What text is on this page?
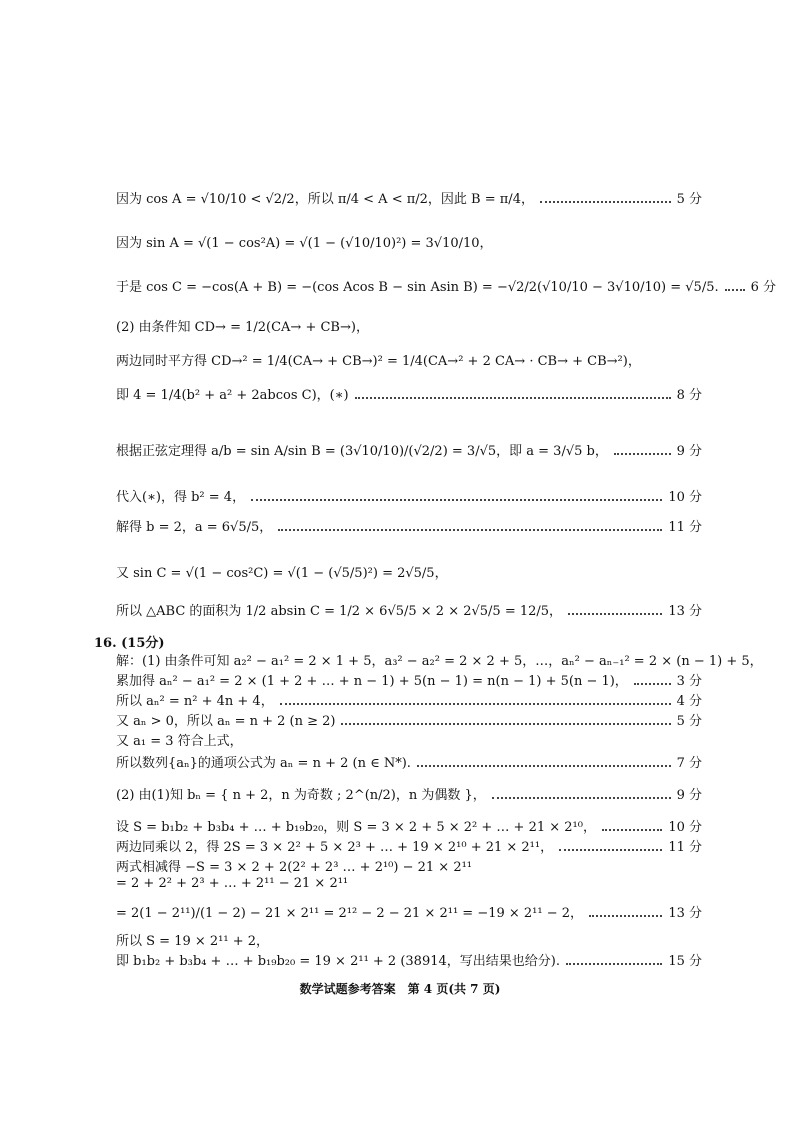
因为 cos A = √10/10 < √2/2，所以 π/4 < A < π/2，因此 B = π/4，	5 分
因为 sin A = √(1 − cos²A) = √(1 − (√10/10)²) = 3√10/10，
于是 cos C = −cos(A + B) = −(cos Acos B − sin Asin B) = −√2/2(√10/10 − 3√10/10) = √5/5. 6 分
(2) 由条件知 CD→ = 1/2(CA→ + CB→)，
两边同时平方得 CD→² = 1/4(CA→ + CB→)² = 1/4(CA→² + 2 CA→ · CB→ + CB→²)，
即 4 = 1/4(b² + a² + 2abcos C)，(∗)	8 分
根据正弦定理得 a/b = sin A/sin B = (3√10/10)/(√2/2) = 3/√5，即 a = 3/√5 b，	9 分
代入(∗)，得 b² = 4，	10 分
解得 b = 2，a = 6√5/5，	11 分
又 sin C = √(1 − cos²C) = √(1 − (√5/5)²) = 2√5/5，
所以 △ABC 的面积为 1/2 absin C = 1/2 × 6√5/5 × 2 × 2√5/5 = 12/5，	13 分
16. (15分)
解：(1) 由条件可知 a₂² − a₁² = 2 × 1 + 5，a₃² − a₂² = 2 × 2 + 5，…，aₙ² − aₙ₋₁² = 2 × (n − 1) + 5，
累加得 aₙ² − a₁² = 2 × (1 + 2 + … + n − 1) + 5(n − 1) = n(n − 1) + 5(n − 1)，	3 分
所以 aₙ² = n² + 4n + 4，	4 分
又 aₙ > 0，所以 aₙ = n + 2 (n ≥ 2)	5 分
又 a₁ = 3 符合上式，
所以数列{aₙ}的通项公式为 aₙ = n + 2 (n ∈ N*).	7 分
(2) 由(1)知 bₙ = { n + 2，n 为奇数 ; 2^(n/2)，n 为偶数 }，	9 分
设 S = b₁b₂ + b₃b₄ + … + b₁₉b₂₀，则 S = 3 × 2 + 5 × 2² + … + 21 × 2¹⁰，	10 分
两边同乘以 2，得 2S = 3 × 2² + 5 × 2³ + … + 19 × 2¹⁰ + 21 × 2¹¹，	11 分
两式相减得 −S = 3 × 2 + 2(2² + 2³ … + 2¹⁰) − 21 × 2¹¹
= 2 + 2² + 2³ + … + 2¹¹ − 21 × 2¹¹
= 2(1 − 2¹¹)/(1 − 2) − 21 × 2¹¹ = 2¹² − 2 − 21 × 2¹¹ = −19 × 2¹¹ − 2，	13 分
所以 S = 19 × 2¹¹ + 2，
即 b₁b₂ + b₃b₄ + … + b₁₉b₂₀ = 19 × 2¹¹ + 2 (38914，写出结果也给分).	15 分
数学试题参考答案　第 4 页(共 7 页)
